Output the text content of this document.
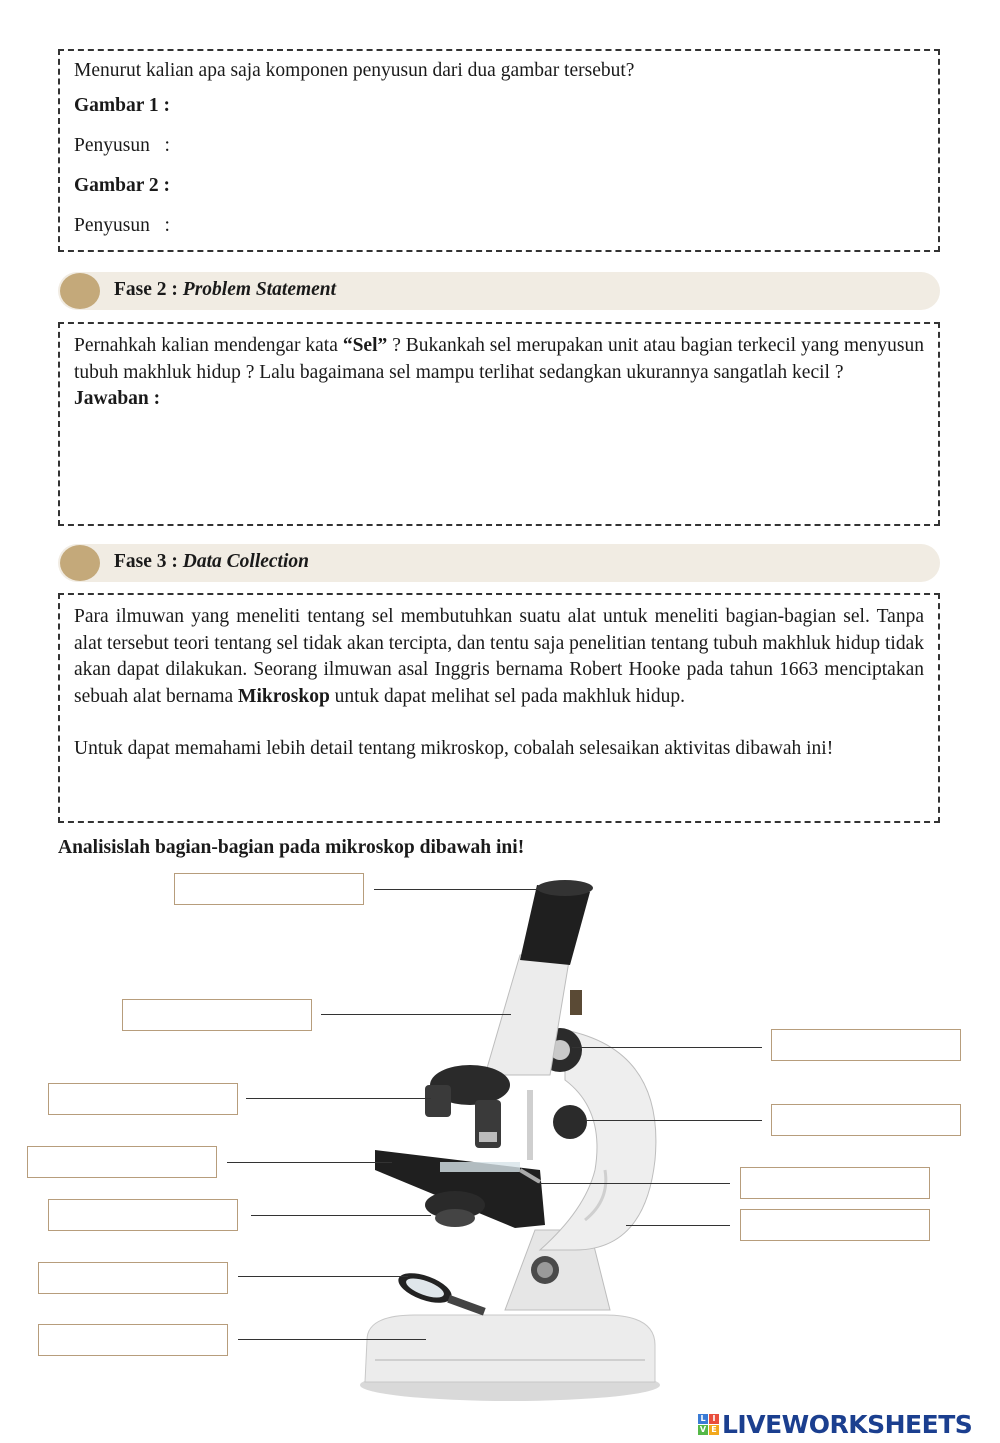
Menurut kalian apa saja komponen penyusun dari dua gambar tersebut?
Gambar 1 :
Penyusun   :
Gambar 2 :
Penyusun   :
Fase 2 : Problem Statement

Pernahkah kalian mendengar kata “Sel” ? Bukankah sel merupakan unit atau bagian terkecil yang menyusun tubuh makhluk hidup ? Lalu bagaimana sel mampu terlihat sedangkan ukurannya sangatlah kecil ?

Jawaban :

Fase 3 : Data Collection

Para ilmuwan yang meneliti tentang sel membutuhkan suatu alat untuk meneliti bagian-bagian sel. Tanpa alat tersebut teori tentang sel tidak akan tercipta, dan tentu saja penelitian tentang tubuh makhluk hidup tidak akan dapat dilakukan. Seorang ilmuwan asal Inggris bernama Robert Hooke pada tahun 1663 menciptakan sebuah alat bernama Mikroskop untuk dapat melihat sel pada makhluk hidup.

Untuk dapat memahami lebih detail tentang mikroskop, cobalah selesaikan aktivitas dibawah ini!

Analisislah bagian-bagian pada mikroskop dibawah ini!
L I
V E LIVEWORKSHEETS
